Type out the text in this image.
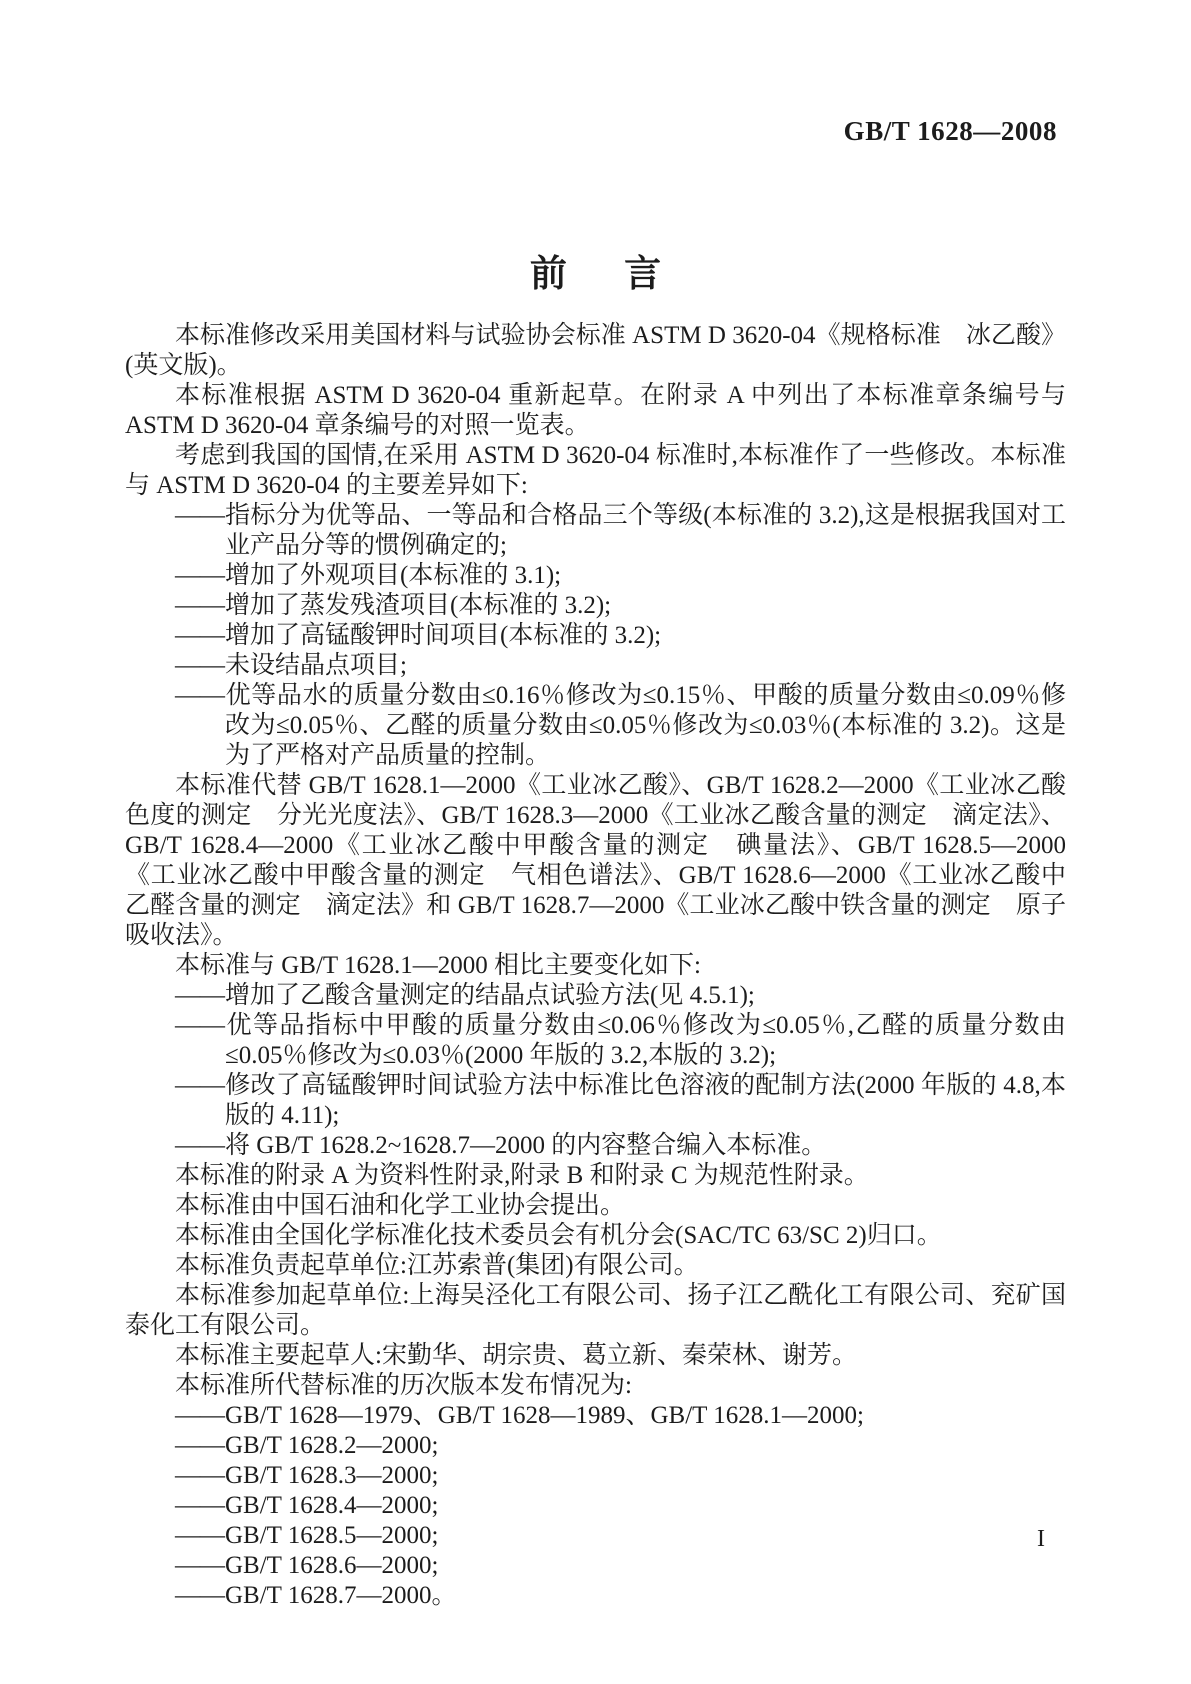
GB/T 1628—2008
前言

本标准修改采用美国材料与试验协会标准 ASTM D 3620-04《规格标准　冰乙酸》(英文版)。

本标准根据 ASTM D 3620-04 重新起草。在附录 A 中列出了本标准章条编号与 ASTM D 3620-04 章条编号的对照一览表。

考虑到我国的国情,在采用 ASTM D 3620-04 标准时,本标准作了一些修改。本标准与 ASTM D 3620-04 的主要差异如下:

——指标分为优等品、一等品和合格品三个等级(本标准的 3.2),这是根据我国对工业产品分等的惯例确定的;

——增加了外观项目(本标准的 3.1);

——增加了蒸发残渣项目(本标准的 3.2);

——增加了高锰酸钾时间项目(本标准的 3.2);

——未设结晶点项目;

——优等品水的质量分数由≤0.16％修改为≤0.15％、甲酸的质量分数由≤0.09％修改为≤0.05％、乙醛的质量分数由≤0.05％修改为≤0.03％(本标准的 3.2)。这是为了严格对产品质量的控制。

本标准代替 GB/T 1628.1—2000《工业冰乙酸》、GB/T 1628.2—2000《工业冰乙酸色度的测定　分光光度法》、GB/T 1628.3—2000《工业冰乙酸含量的测定　滴定法》、GB/T 1628.4—2000《工业冰乙酸中甲酸含量的测定　碘量法》、GB/T 1628.5—2000《工业冰乙酸中甲酸含量的测定　气相色谱法》、GB/T 1628.6—2000《工业冰乙酸中乙醛含量的测定　滴定法》和 GB/T 1628.7—2000《工业冰乙酸中铁含量的测定　原子吸收法》。

本标准与 GB/T 1628.1—2000 相比主要变化如下:

——增加了乙酸含量测定的结晶点试验方法(见 4.5.1);

——优等品指标中甲酸的质量分数由≤0.06％修改为≤0.05％,乙醛的质量分数由≤0.05％修改为≤0.03％(2000 年版的 3.2,本版的 3.2);

——修改了高锰酸钾时间试验方法中标准比色溶液的配制方法(2000 年版的 4.8,本版的 4.11);

——将 GB/T 1628.2~1628.7—2000 的内容整合编入本标准。

本标准的附录 A 为资料性附录,附录 B 和附录 C 为规范性附录。

本标准由中国石油和化学工业协会提出。

本标准由全国化学标准化技术委员会有机分会(SAC/TC 63/SC 2)归口。

本标准负责起草单位:江苏索普(集团)有限公司。

本标准参加起草单位:上海吴泾化工有限公司、扬子江乙酰化工有限公司、兖矿国泰化工有限公司。

本标准主要起草人:宋勤华、胡宗贵、葛立新、秦荣林、谢芳。

本标准所代替标准的历次版本发布情况为:

——GB/T 1628—1979、GB/T 1628—1989、GB/T 1628.1—2000;

——GB/T 1628.2—2000;

——GB/T 1628.3—2000;

——GB/T 1628.4—2000;

——GB/T 1628.5—2000;

——GB/T 1628.6—2000;

——GB/T 1628.7—2000。

I
